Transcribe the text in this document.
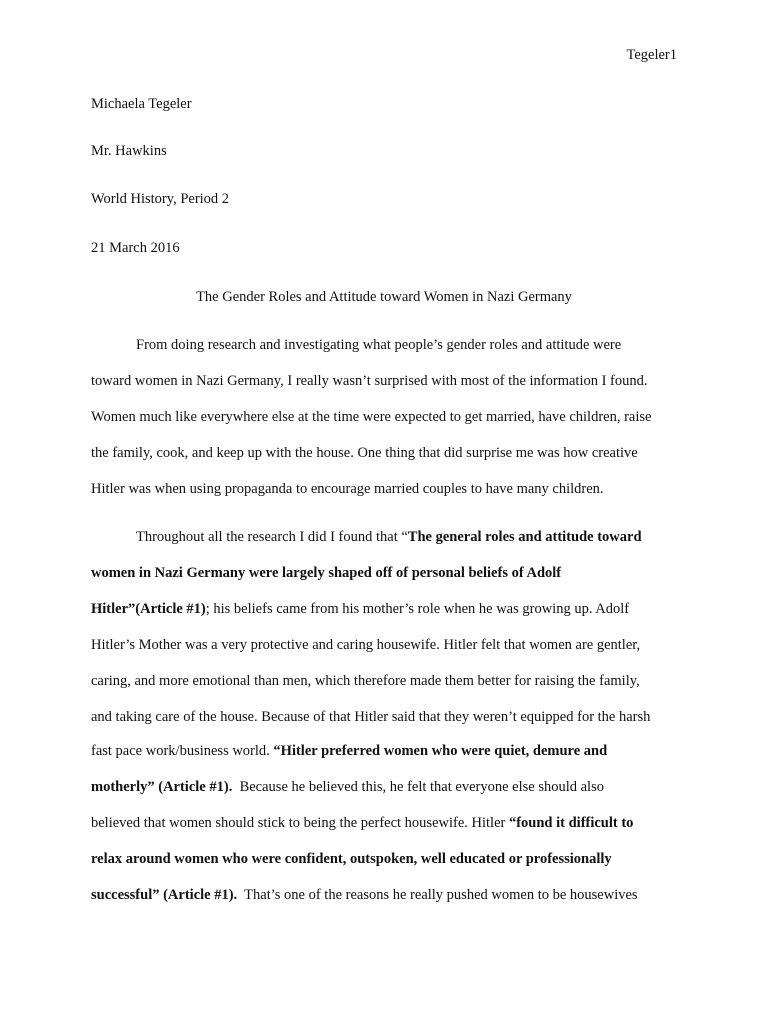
Tegeler1
Michaela Tegeler
Mr. Hawkins
World History, Period 2
21 March 2016
The Gender Roles and Attitude toward Women in Nazi Germany
From doing research and investigating what people’s gender roles and attitude were
toward women in Nazi Germany, I really wasn’t surprised with most of the information I found.
Women much like everywhere else at the time were expected to get married, have children, raise
the family, cook, and keep up with the house. One thing that did surprise me was how creative
Hitler was when using propaganda to encourage married couples to have many children.
Throughout all the research I did I found that “The general roles and attitude toward
women in Nazi Germany were largely shaped off of personal beliefs of Adolf
Hitler”(Article #1); his beliefs came from his mother’s role when he was growing up. Adolf
Hitler’s Mother was a very protective and caring housewife. Hitler felt that women are gentler,
caring, and more emotional than men, which therefore made them better for raising the family,
and taking care of the house. Because of that Hitler said that they weren’t equipped for the harsh
fast pace work/business world. “Hitler preferred women who were quiet, demure and
motherly” (Article #1).  Because he believed this, he felt that everyone else should also
believed that women should stick to being the perfect housewife. Hitler “found it difficult to
relax around women who were confident, outspoken, well educated or professionally
successful” (Article #1).  That’s one of the reasons he really pushed women to be housewives
